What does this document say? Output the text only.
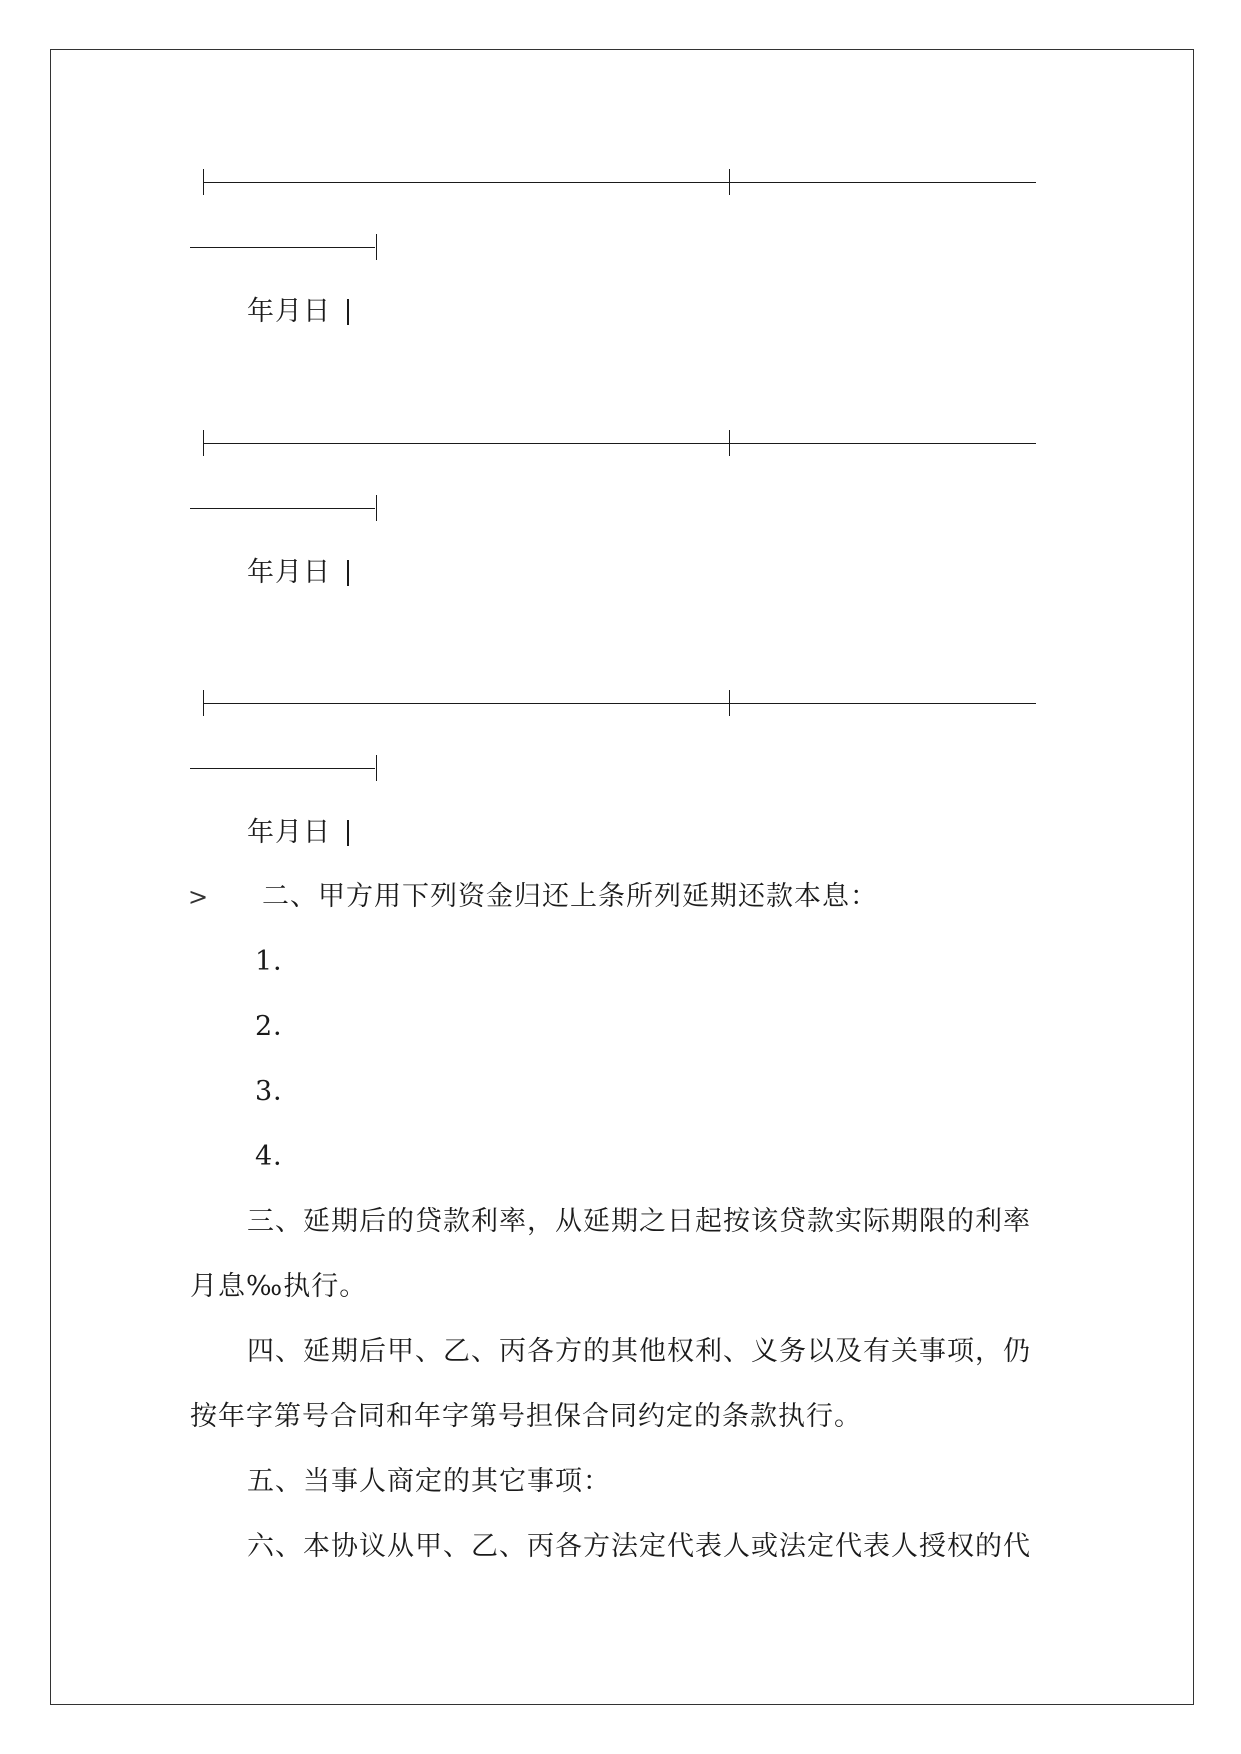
年月日
年月日
年月日
> 二、甲方用下列资金归还上条所列延期还款本息：
1．
2．
3．
4．
三、延期后的贷款利率，从延期之日起按该贷款实际期限的利率
月息‰执行。
四、延期后甲、乙、丙各方的其他权利、义务以及有关事项，仍
按年字第号合同和年字第号担保合同约定的条款执行。
五、当事人商定的其它事项：
六、本协议从甲、乙、丙各方法定代表人或法定代表人授权的代
